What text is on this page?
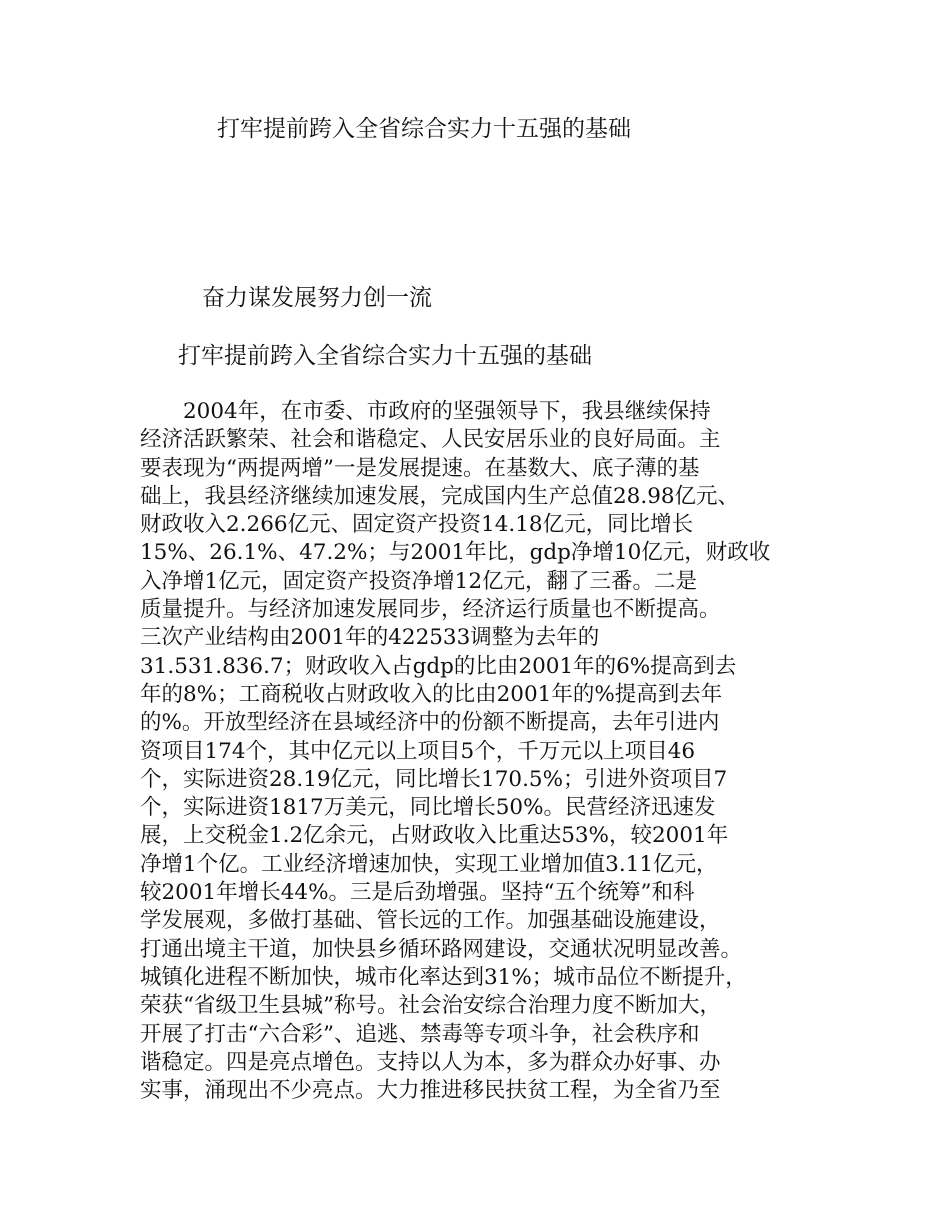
打牢提前跨入全省综合实力十五强的基础
奋力谋发展努力创一流
打牢提前跨入全省综合实力十五强的基础
　　2004年，在市委、市政府的坚强领导下，我县继续保持
经济活跃繁荣、社会和谐稳定、人民安居乐业的良好局面。主
要表现为“两提两增”一是发展提速。在基数大、底子薄的基
础上，我县经济继续加速发展，完成国内生产总值28.98亿元、
财政收入2.266亿元、固定资产投资14.18亿元，同比增长
15%、26.1%、47.2%；与2001年比，gdp净增10亿元，财政收
入净增1亿元，固定资产投资净增12亿元，翻了三番。二是
质量提升。与经济加速发展同步，经济运行质量也不断提高。
三次产业结构由2001年的422533调整为去年的
31.531.836.7；财政收入占gdp的比由2001年的6%提高到去
年的8%；工商税收占财政收入的比由2001年的%提高到去年
的%。开放型经济在县域经济中的份额不断提高，去年引进内
资项目174个，其中亿元以上项目5个，千万元以上项目46
个，实际进资28.19亿元，同比增长170.5%；引进外资项目7
个，实际进资1817万美元，同比增长50%。民营经济迅速发
展，上交税金1.2亿余元，占财政收入比重达53%，较2001年
净增1个亿。工业经济增速加快，实现工业增加值3.11亿元，
较2001年增长44%。三是后劲增强。坚持“五个统筹”和科
学发展观，多做打基础、管长远的工作。加强基础设施建设，
打通出境主干道，加快县乡循环路网建设，交通状况明显改善。
城镇化进程不断加快，城市化率达到31%；城市品位不断提升，
荣获“省级卫生县城”称号。社会治安综合治理力度不断加大，
开展了打击“六合彩”、追逃、禁毒等专项斗争，社会秩序和
谐稳定。四是亮点增色。支持以人为本，多为群众办好事、办
实事，涌现出不少亮点。大力推进移民扶贫工程，为全省乃至
